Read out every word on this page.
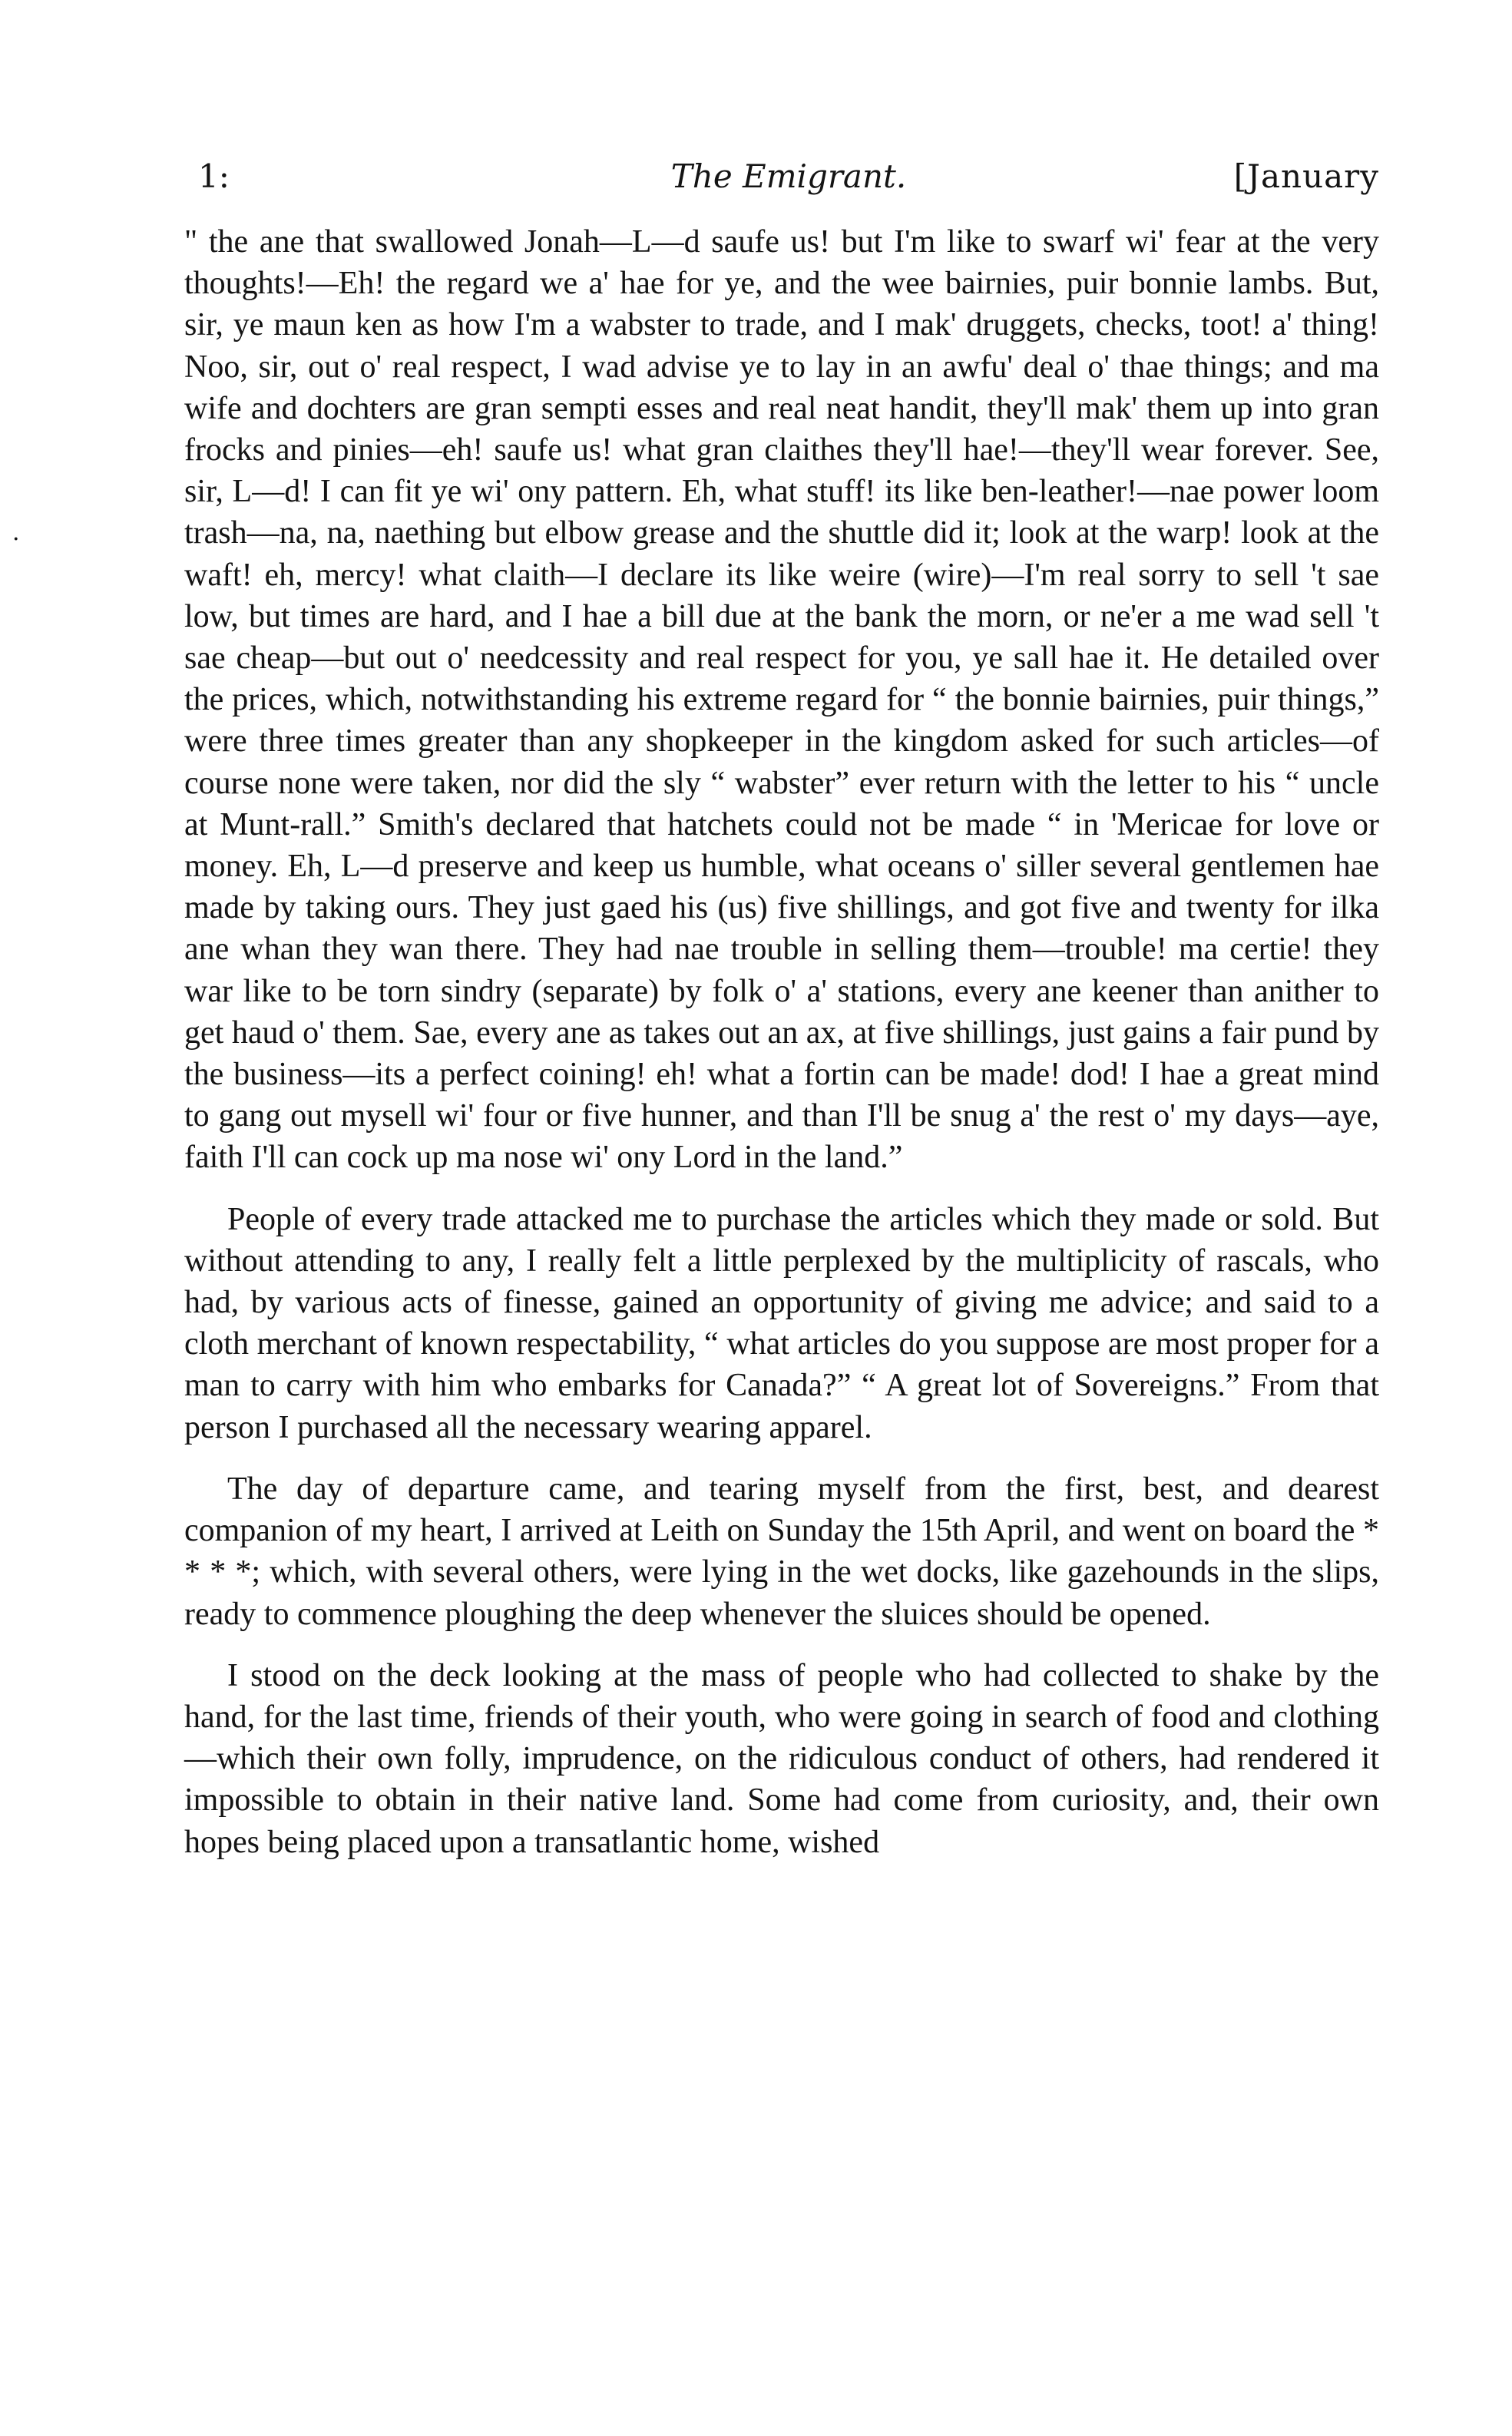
1:	The Emigrant.	[January
·

" the ane that swallowed Jonah—L—d saufe us! but I'm like to swarf wi' fear at the very thoughts!—Eh! the regard we a' hae for ye, and the wee bairnies, puir bonnie lambs. But, sir, ye maun ken as how I'm a wabster to trade, and I mak' druggets, checks, toot! a' thing! Noo, sir, out o' real respect, I wad advise ye to lay in an awfu' deal o' thae things; and ma wife and dochters are gran sempti esses and real neat handit, they'll mak' them up into gran frocks and pinies—eh! saufe us! what gran claithes they'll hae!—they'll wear forever. See, sir, L—d! I can fit ye wi' ony pattern. Eh, what stuff! its like ben-leather!—nae power loom trash—na, na, naething but elbow grease and the shuttle did it; look at the warp! look at the waft! eh, mercy! what claith—I declare its like weire (wire)—I'm real sorry to sell 't sae low, but times are hard, and I hae a bill due at the bank the morn, or ne'er a me wad sell 't sae cheap—but out o' needcessity and real respect for you, ye sall hae it. He detailed over the prices, which, notwithstanding his extreme regard for “ the bonnie bairnies, puir things,” were three times greater than any shopkeeper in the kingdom asked for such articles—of course none were taken, nor did the sly “ wabster” ever return with the letter to his “ uncle at Munt-rall.” Smith's declared that hatchets could not be made “ in 'Mericae for love or money. Eh, L—d preserve and keep us humble, what oceans o' siller several gentlemen hae made by taking ours. They just gaed his (us) five shillings, and got five and twenty for ilka ane whan they wan there. They had nae trouble in selling them—trouble! ma certie! they war like to be torn sindry (separate) by folk o' a' stations, every ane keener than anither to get haud o' them. Sae, every ane as takes out an ax, at five shillings, just gains a fair pund by the business—its a perfect coining! eh! what a fortin can be made! dod! I hae a great mind to gang out mysell wi' four or five hunner, and than I'll be snug a' the rest o' my days—aye, faith I'll can cock up ma nose wi' ony Lord in the land.”

People of every trade attacked me to purchase the articles which they made or sold. But without attending to any, I really felt a little perplexed by the multiplicity of rascals, who had, by various acts of finesse, gained an opportunity of giving me advice; and said to a cloth merchant of known respectability, “ what articles do you suppose are most proper for a man to carry with him who embarks for Canada?” “ A great lot of Sovereigns.” From that person I purchased all the necessary wearing apparel.

The day of departure came, and tearing myself from the first, best, and dearest companion of my heart, I arrived at Leith on Sunday the 15th April, and went on board the * * * *; which, with several others, were lying in the wet docks, like gazehounds in the slips, ready to commence ploughing the deep whenever the sluices should be opened.

I stood on the deck looking at the mass of people who had collected to shake by the hand, for the last time, friends of their youth, who were going in search of food and clothing—which their own folly, imprudence, on the ridiculous conduct of others, had rendered it impossible to obtain in their native land. Some had come from curiosity, and, their own hopes being placed upon a transatlantic home, wished
